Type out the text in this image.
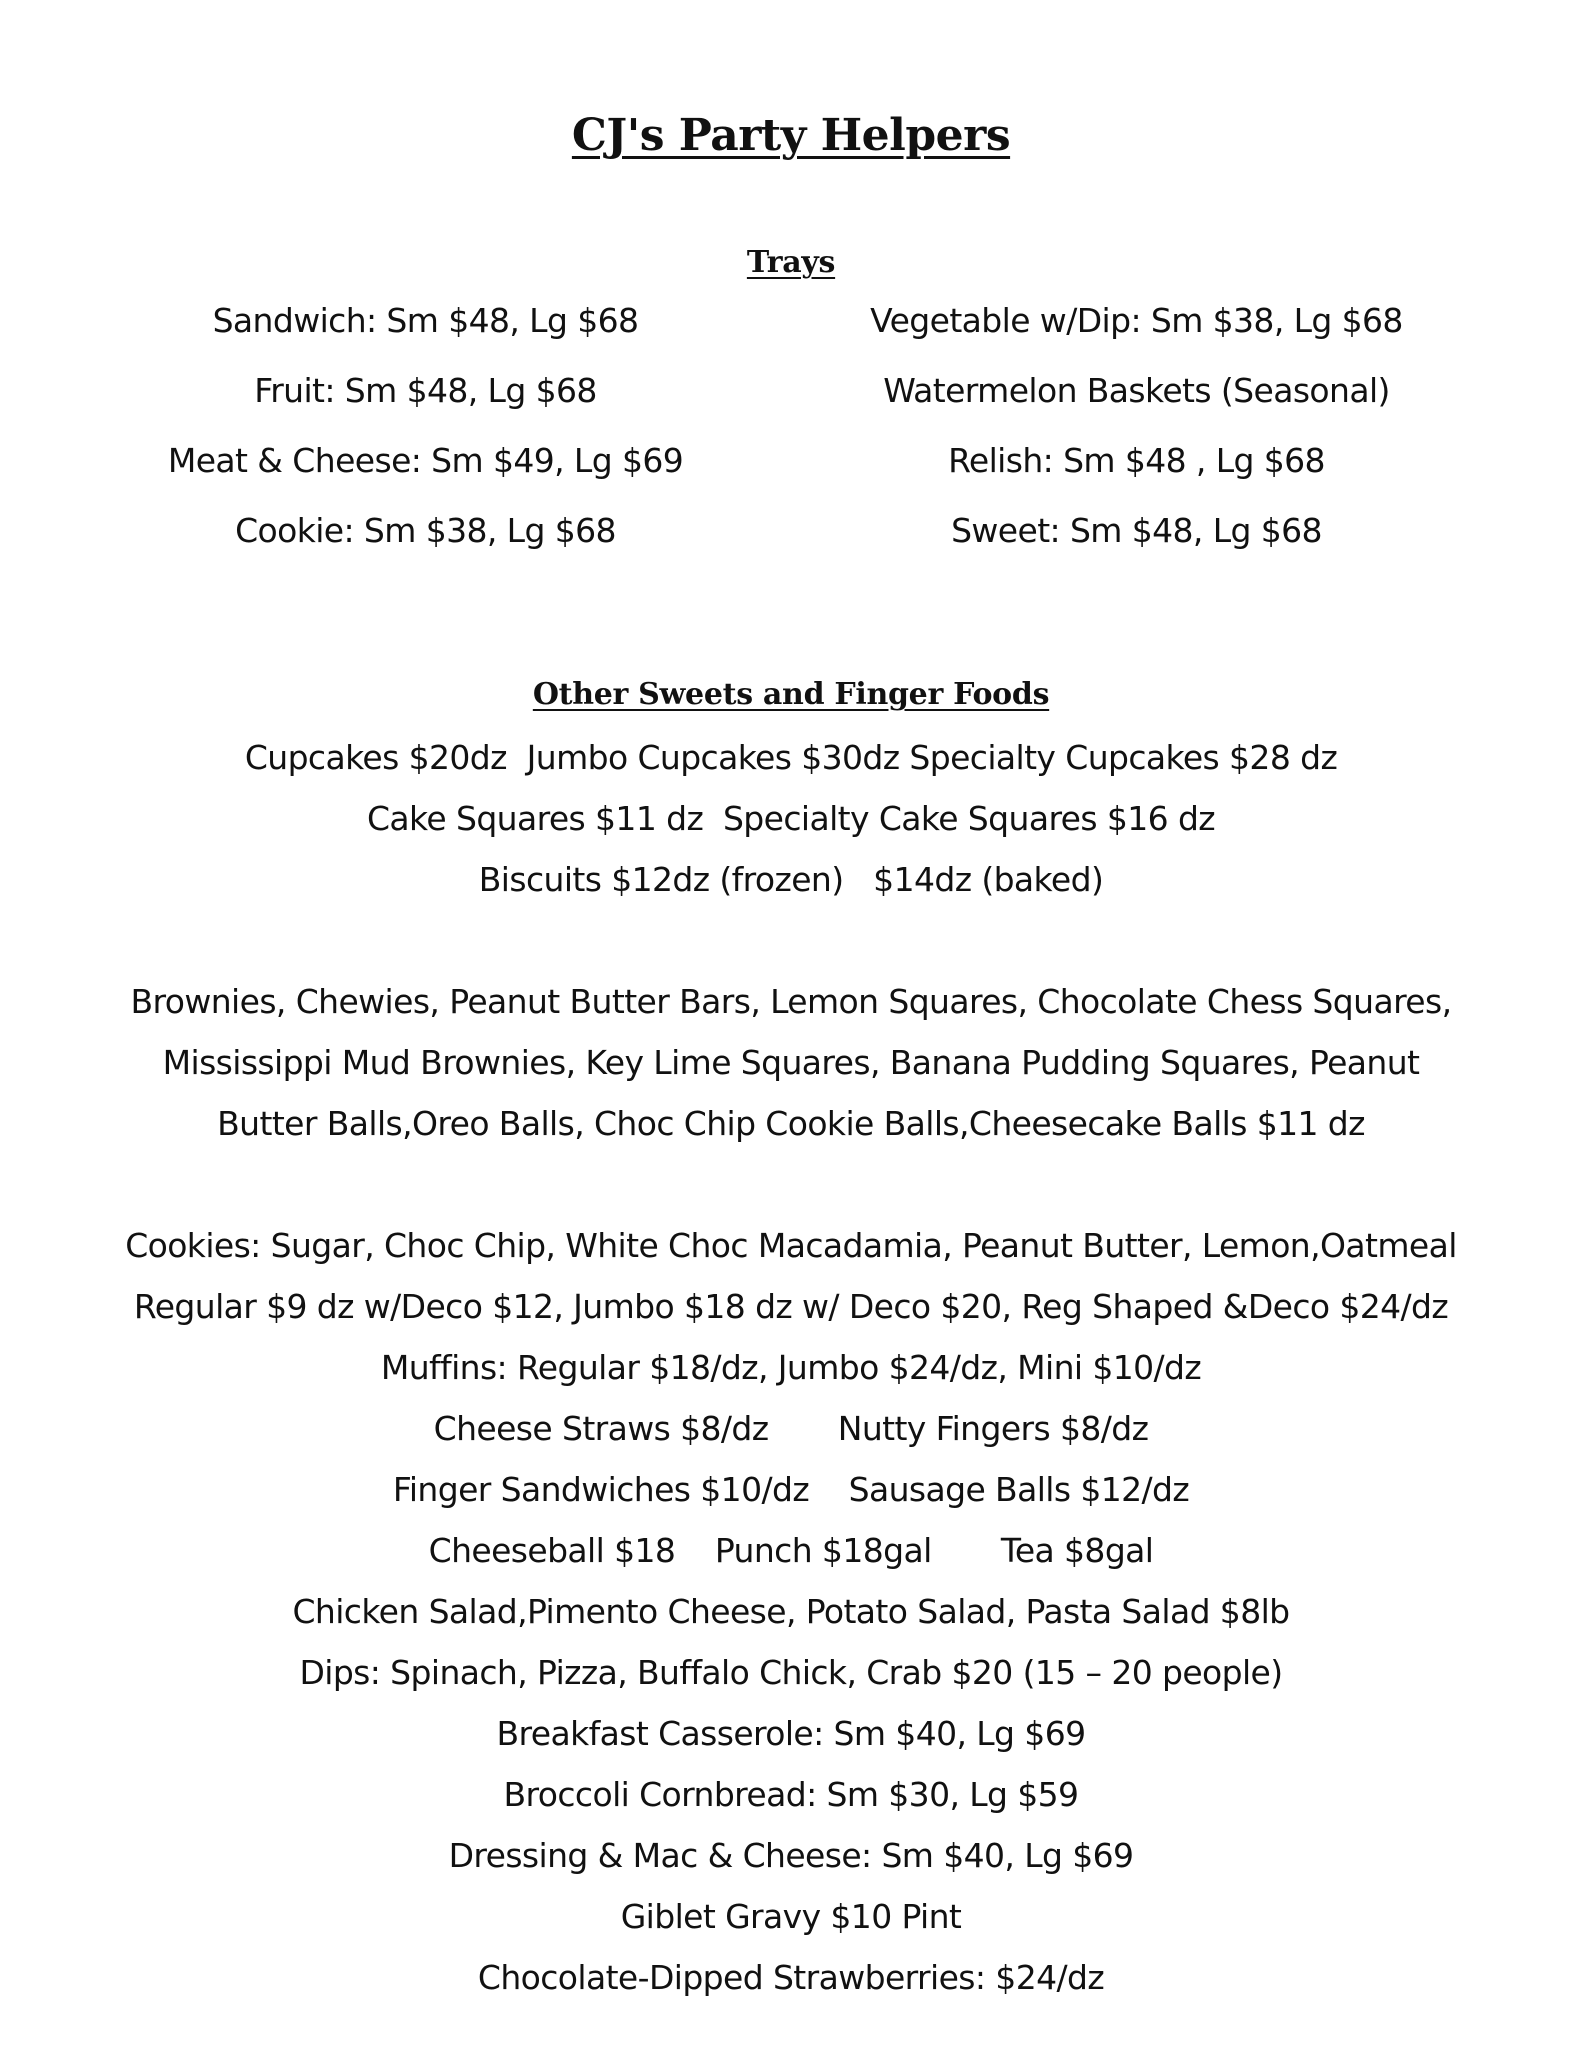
CJ's Party Helpers
Trays
Sandwich: Sm $48, Lg $68
Fruit: Sm $48, Lg $68
Meat & Cheese: Sm $49, Lg $69
Cookie: Sm $38, Lg $68
Vegetable w/Dip: Sm $38, Lg $68
Watermelon Baskets (Seasonal)
Relish: Sm $48 , Lg $68
Sweet: Sm $48, Lg $68
Other Sweets and Finger Foods
Cupcakes $20dz  Jumbo Cupcakes $30dz Specialty Cupcakes $28 dz
Cake Squares $11 dz  Specialty Cake Squares $16 dz
Biscuits $12dz (frozen)   $14dz (baked)
Brownies, Chewies, Peanut Butter Bars, Lemon Squares, Chocolate Chess Squares,
Mississippi Mud Brownies, Key Lime Squares, Banana Pudding Squares, Peanut
Butter Balls,Oreo Balls, Choc Chip Cookie Balls,Cheesecake Balls $11 dz
Cookies: Sugar, Choc Chip, White Choc Macadamia, Peanut Butter, Lemon,Oatmeal
Regular $9 dz w/Deco $12, Jumbo $18 dz w/ Deco $20, Reg Shaped &Deco $24/dz
Muffins: Regular $18/dz, Jumbo $24/dz, Mini $10/dz
Cheese Straws $8/dz       Nutty Fingers $8/dz
Finger Sandwiches $10/dz    Sausage Balls $12/dz
Cheeseball $18    Punch $18gal       Tea $8gal
Chicken Salad,Pimento Cheese, Potato Salad, Pasta Salad $8lb
Dips: Spinach, Pizza, Buffalo Chick, Crab $20 (15 – 20 people)
Breakfast Casserole: Sm $40, Lg $69
Broccoli Cornbread: Sm $30, Lg $59
Dressing & Mac & Cheese: Sm $40, Lg $69
Giblet Gravy $10 Pint
Chocolate-Dipped Strawberries: $24/dz
